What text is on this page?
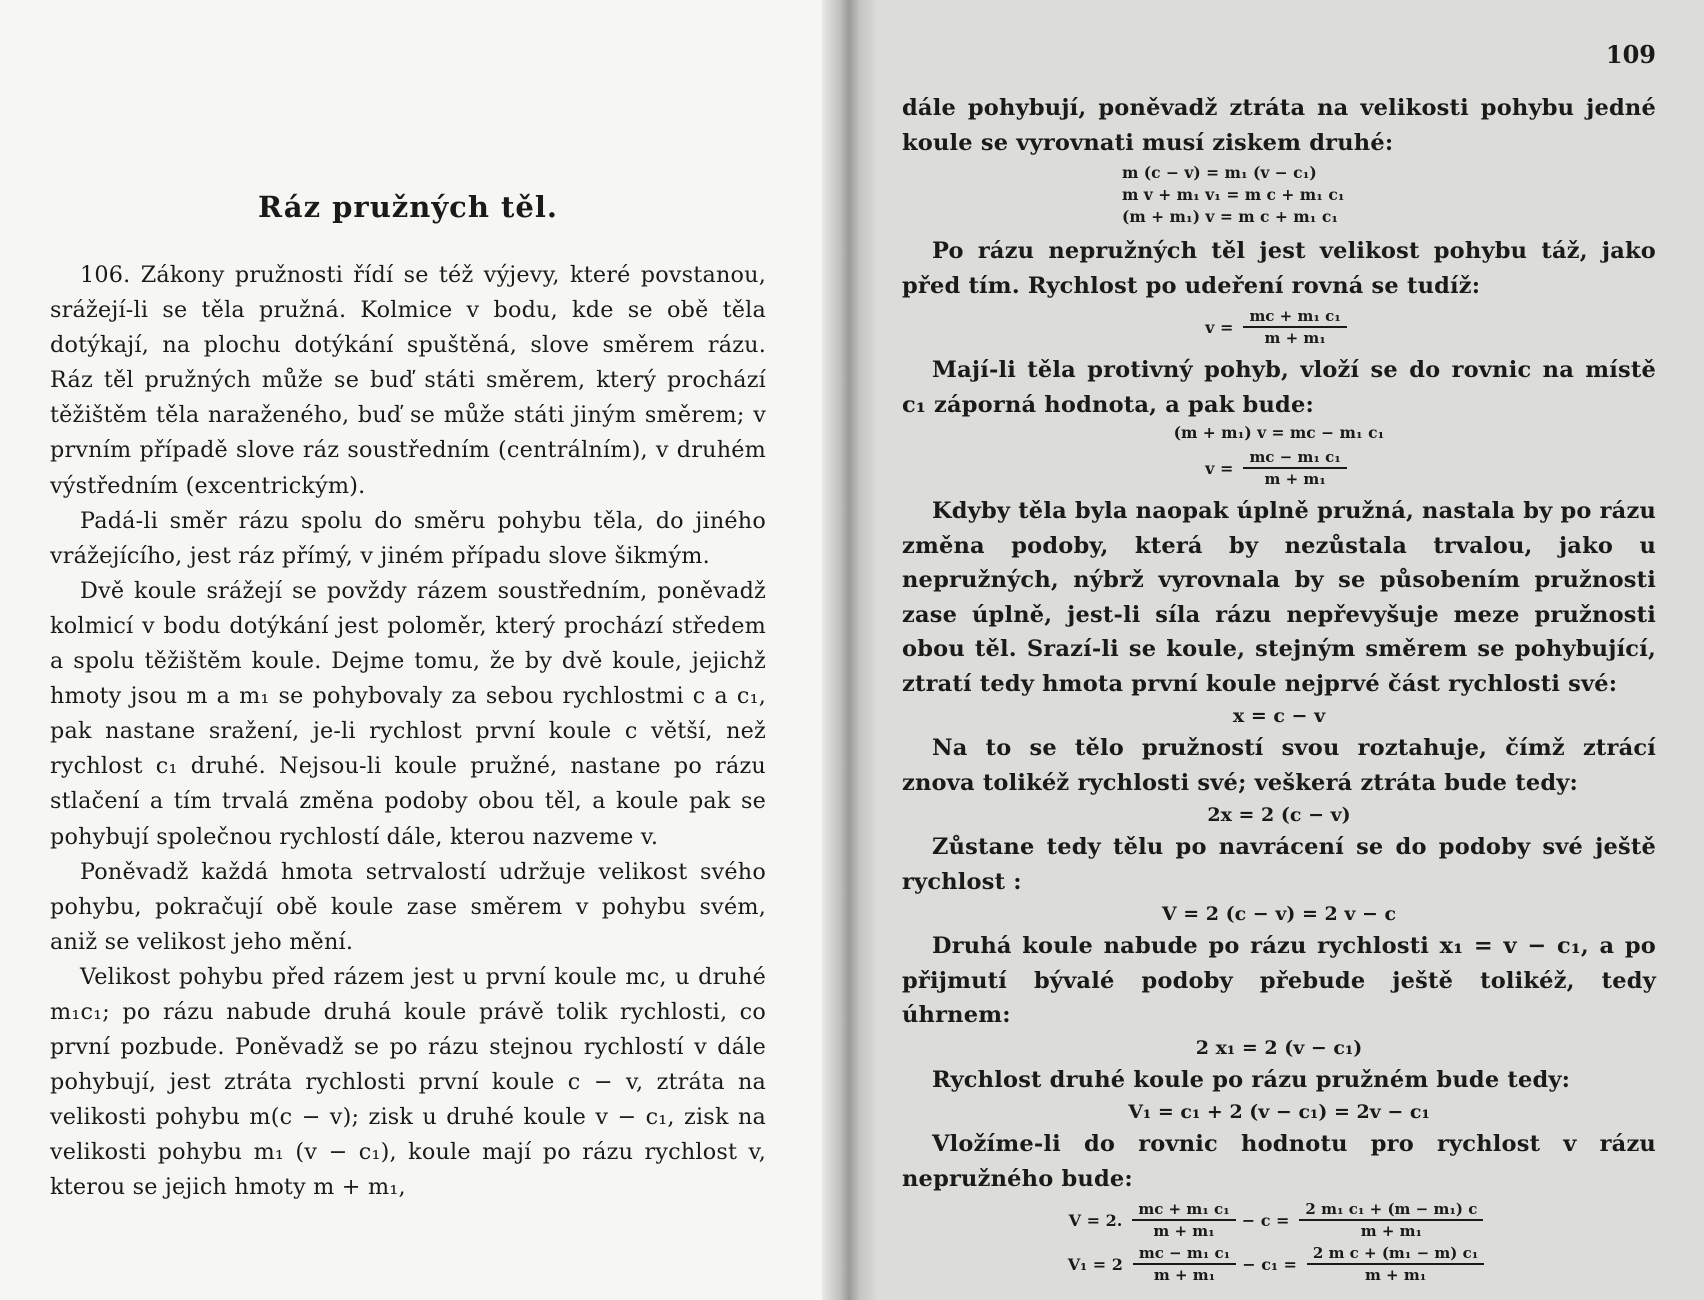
Ráz pružných těl.

106. Zákony pružnosti řídí se též výjevy, které povstanou, srážejí-li se těla pružná. Kolmice v bodu, kde se obě těla dotýkají, na plochu dotýkání spuštěná, slove směrem rázu. Ráz těl pružných může se buď státi směrem, který prochází těžištěm těla naraženého, buď se může státi jiným směrem; v prvním případě slove ráz soustředním (centrálním), v druhém výstředním (excentrickým).

Padá-li směr rázu spolu do směru pohybu těla, do jiného vrážejícího, jest ráz přímý, v jiném případu slove šikmým.

Dvě koule srážejí se povždy rázem soustředním, poněvadž kolmicí v bodu dotýkání jest poloměr, který prochází středem a spolu těžištěm koule. Dejme tomu, že by dvě koule, jejichž hmoty jsou m a m₁ se pohybovaly za sebou rychlostmi c a c₁, pak nastane sražení, je-li rychlost první koule c větší, než rychlost c₁ druhé. Nejsou-li koule pružné, nastane po rázu stlačení a tím trvalá změna podoby obou těl, a koule pak se pohybují společnou rychlostí dále, kterou nazveme v.

Poněvadž každá hmota setrvalostí udržuje velikost svého pohybu, pokračují obě koule zase směrem v pohybu svém, aniž se velikost jeho mění.

Velikost pohybu před rázem jest u první koule mc, u druhé m₁c₁; po rázu nabude druhá koule právě tolik rychlosti, co první pozbude. Poněvadž se po rázu stejnou rychlostí v dále pohybují, jest ztráta rychlosti první koule c − v, ztráta na velikosti pohybu m(c − v); zisk u druhé koule v − c₁, zisk na velikosti pohybu m₁ (v − c₁), koule mají po rázu rychlost v, kterou se jejich hmoty m + m₁,

109

dále pohybují, poněvadž ztráta na velikosti pohybu jedné koule se vyrovnati musí ziskem druhé:

m (c − v) = m₁ (v − c₁)

m v + m₁ v₁ = m c + m₁ c₁

(m + m₁) v = m c + m₁ c₁

Po rázu nepružných těl jest velikost pohybu táž, jako před tím. Rychlost po udeření rovná se tudíž:

$v = \frac{\text{mc + m₁ c₁}}{\text{m + m₁}}$

Mají-li těla protivný pohyb, vloží se do rovnic na místě c₁ záporná hodnota, a pak bude:

(m + m₁) v = mc − m₁ c₁

$v = \frac{\text{mc − m₁ c₁}}{\text{m + m₁}}$

Kdyby těla byla naopak úplně pružná, nastala by po rázu změna podoby, která by nezůstala trvalou, jako u nepružných, nýbrž vyrovnala by se působením pružnosti zase úplně, jest-li síla rázu nepřevyšuje meze pružnosti obou těl. Srazí-li se koule, stejným směrem se pohybující, ztratí tedy hmota první koule nejprvé část rychlosti své:

x = c − v

Na to se tělo pružností svou roztahuje, čímž ztrácí znova tolikéž rychlosti své; veškerá ztráta bude tedy:

2x = 2 (c − v)

Zůstane tedy tělu po navrácení se do podoby své ještě rychlost :

V = 2 (c − v) = 2 v − c

Druhá koule nabude po rázu rychlosti x₁ = v − c₁, a po přijmutí bývalé podoby přebude ještě tolikéž, tedy úhrnem:

2 x₁ = 2 (v − c₁)

Rychlost druhé koule po rázu pružném bude tedy:

V₁ = c₁ + 2 (v − c₁) = 2v − c₁

Vložíme-li do rovnic hodnotu pro rychlost v rázu nepružného bude:

V = 2. $\frac{\text{mc + m₁ c₁}}{\text{m + m₁}} - c = \frac{\text{2 m₁ c₁ + (m − m₁) c}}{\text{m + m₁}}$
$V_1 = 2 \frac{\text{mc − m₁ c₁}}{\text{m + m₁}} - c_1 = \frac{\text{2 m c + (m₁ − m) c₁}}{\text{m + m₁}}$
